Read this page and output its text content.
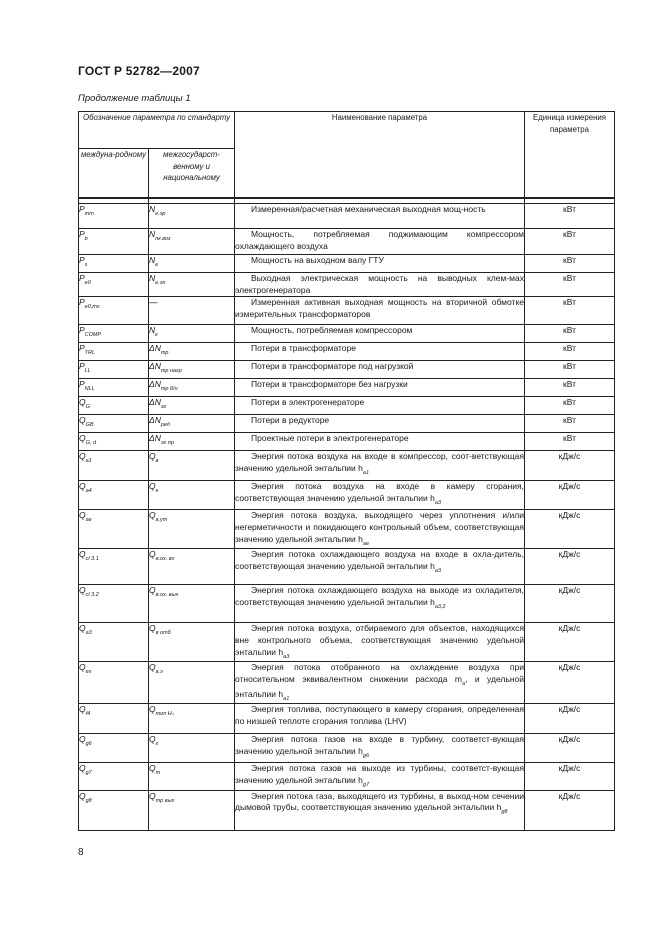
ГОСТ Р 52782—2007
Продолжение таблицы 1
Обозначение параметра по стандарту		Наименование параметра	Единица измерения параметра
междуна-родному	межгосударст-венному и национальному		

$P_{mm}$	$N_{e.эр}$	Измеренная/расчетная механическая выходная мощ-ность	кВт
$P_b$	$N_{пк.воз}$	Мощность, потребляемая поджимающим компрессором охлаждающего воздуха	кВт
$P_s$	$N_e$	Мощность на выходном валу ГТУ	кВт
$P_{e0}$	$N_{e.эл}$	Выходная электрическая мощность на выводных клем-мах электрогенератора	кВт
$P_{e0,ms}$	—	Измеренная активная выходная мощность на вторичной обмотке измерительных трансформаторов	кВт
$P_{COMP}$	$N_к$	Мощность, потребляемая компрессором	кВт
$P_{TRL}$	$\Delta N_{тр}$	Потери в трансформаторе	кВт
$P_{LL}$	$\Delta N_{тр нагр}$	Потери в трансформаторе под нагрузкой	кВт
$P_{NLL}$	$\Delta N_{тр б/н}$	Потери в трансформаторе без нагрузки	кВт
$Q_G$	$\Delta N_{эг}$	Потери в электрогенераторе	кВт
$Q_{GB}$	$\Delta N_{ред}$	Потери в редукторе	кВт
$Q_{G, d}$	$\Delta N_{эг пр}$	Проектные потери в электрогенераторе	кВт
$Q_{a1}$	$Q_в$	Энергия потока воздуха на входе в компрессор, соот-ветствующая значению удельной энтальпии $h_{a1}$	кДж/с
$Q_{a4}$	$Q_к$	Энергия потока воздуха на входе в камеру сгорания, соответствующая значению удельной энтальпии $h_{a3}$	кДж/с
$Q_{ae}$	$Q_{в.ут}$	Энергия потока воздуха, выходящего через уплотнения и/или негерметичности и покидающего контрольный объем, соответствующая значению удельной энтальпии $h_{ae}$	кДж/с
$Q_{cl 3.1}$	$Q_{в.ох. вх}$	Энергия потока охлаждающего воздуха на входе в охла-дитель, соответствующая значению удельной энтальпии $h_{a3}$	кДж/с
$Q_{cl 3.2}$	$Q_{в.ох. вых}$	Энергия потока охлаждающего воздуха на выходе из охладителя, соответствующая значению удельной энтальпии $h_{a3,2}$	кДж/с
$Q_{a3}$	$Q_{в отб}$	Энергия потока воздуха, отбираемого для объектов, находящихся вне контрольного объема, соответствующая значению удельной энтальпии $h_{a3}$	кДж/с
$Q_{ex}$	$Q_{в.э}$	Энергия потока отобранного на охлаждение воздуха при относительном эквивалентном снижении расхода $m_a$, и удельной энтальпии $h_{a1}$	кДж/с
$Q_{f4}$	$Q_{топ H_n}$	Энергия топлива, поступающего в камеру сгорания, определенная по низшей теплоте сгорания топлива (LHV)	кДж/с
$Q_{g6}$	$Q_г$	Энергия потока газов на входе в турбину, соответст-вующая значению удельной энтальпии $h_{g6}$	кДж/с
$Q_{g7}$	$Q_т$	Энергия потока газов на выходе из турбины, соответст-вующая значению удельной энтальпии $h_{g7}$	кДж/с
$Q_{g8}$	$Q_{тр вых}$	Энергия потока газа, выходящего из турбины, в выход-ном сечении дымовой трубы, соответствующая значению удельной энтальпии $h_{g8}$	кДж/с
8
